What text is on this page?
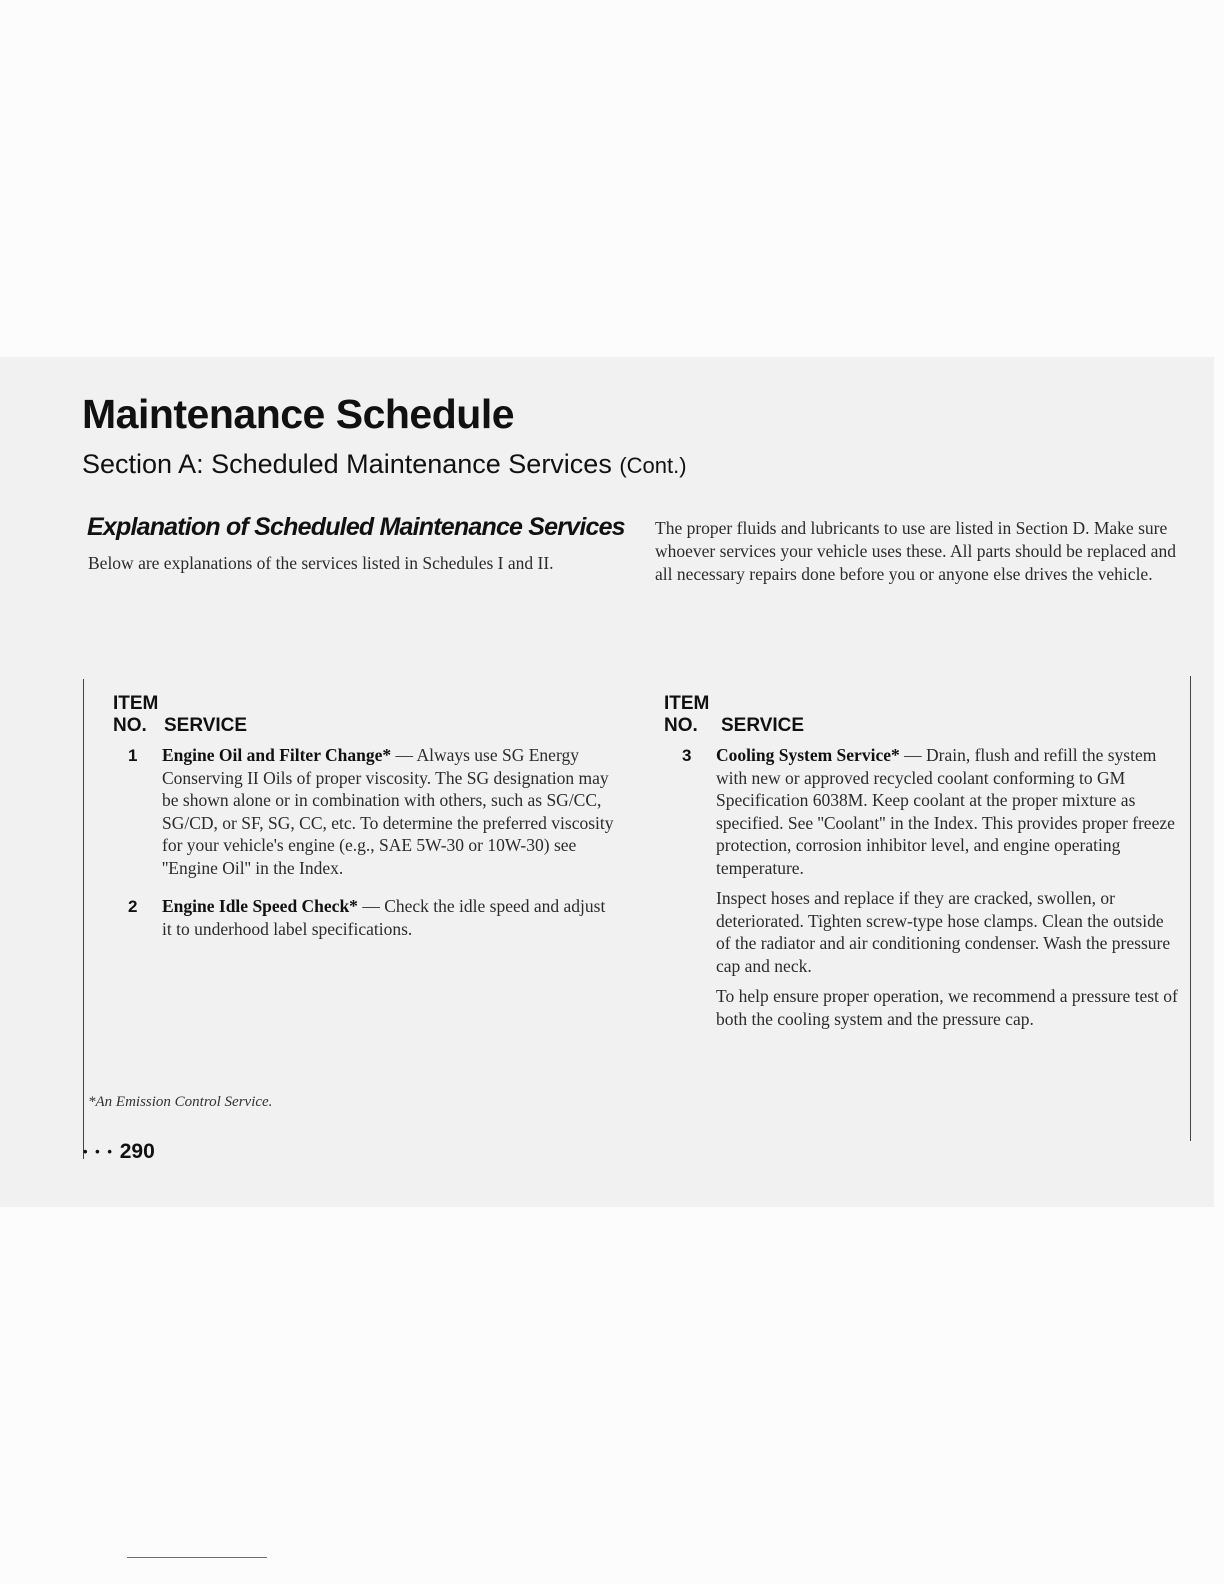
Maintenance Schedule
Section A: Scheduled Maintenance Services (Cont.)
Explanation of Scheduled Maintenance Services

Below are explanations of the services listed in Schedules I and II.

The proper fluids and lubricants to use are listed in Section D. Make sure whoever services your vehicle uses these. All parts should be replaced and all necessary repairs done before you or anyone else drives the vehicle.

ITEM
NO. SERVICE
ITEM
NO. SERVICE
1	Engine Oil and Filter Change* — Always use SG Energy Conserving II Oils of proper viscosity. The SG designation may be shown alone or in combination with others, such as SG/CC, SG/CD, or SF, SG, CC, etc. To determine the preferred viscosity for your vehicle's engine (e.g., SAE 5W-30 or 10W-30) see ''Engine Oil'' in the Index.

2	Engine Idle Speed Check* — Check the idle speed and adjust it to underhood label specifications.

3	Cooling System Service* — Drain, flush and refill the system with new or approved recycled coolant conforming to GM Specification 6038M. Keep coolant at the proper mixture as specified. See ''Coolant'' in the Index. This provides proper freeze protection, corrosion inhibitor level, and engine operating temperature.

Inspect hoses and replace if they are cracked, swollen, or deteriorated. Tighten screw-type hose clamps. Clean the outside of the radiator and air conditioning condenser. Wash the pressure cap and neck.

To help ensure proper operation, we recommend a pressure test of both the cooling system and the pressure cap.

*An Emission Control Service.

• • • 290
